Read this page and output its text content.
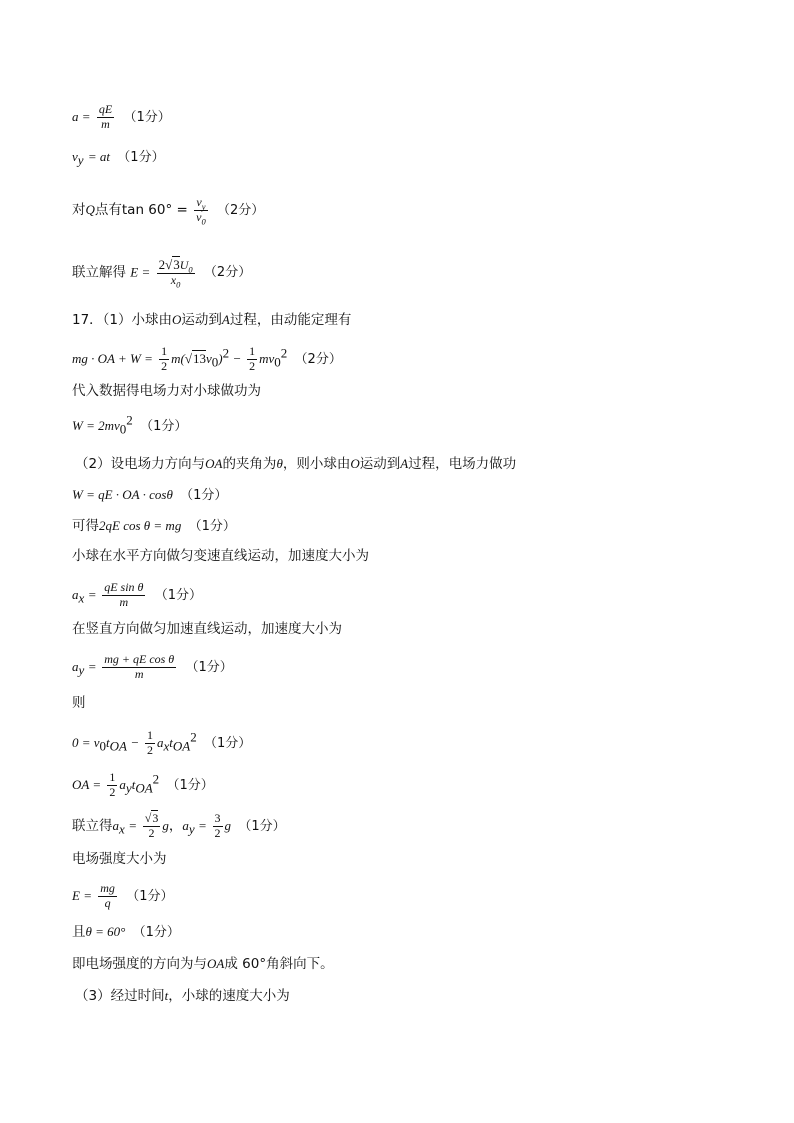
$a = \frac{qE}{m} (1$分）
$v_y$ = at （1分）
对Q点有$\tan 60^\circ = \frac{v_y}{v_0} (2$分）
联立解得 $E = \frac{2√3U_0}{x_0} (2$分）
17．（1）小球由O运动到A过程，由动能定理有
mg · OA + $W = \frac{1}{2} m(√13v_0)^2 - \frac{1}{2} mv_0^2$ （2分）
代入数据得电场力对小球做功为
$W = 2mv_0^2$ （1分）
（2）设电场力方向与OA的夹角为θ，则小球由O运动到A过程，电场力做功
W = qE · OA · cosθ （1分）
可得2qE cos θ = mg （1分）
小球在水平方向做匀变速直线运动，加速度大小为
$a_x = \frac{\text{qE sin θ}}{m} (1$分）
在竖直方向做匀加速直线运动，加速度大小为
$a_y = \frac{\text{mg + qE cos θ}}{m} (1$分）
则
$0 = v_0t_{OA} - \frac{1}{2} a_xt_{OA}^2$ （1分）
OA = $\frac{1}{2} a_yt_{OA}^2$ （1分）
联立得$a_x = \frac{√3}{2}$ g，$a_y = \frac{3}{2}$ g （1分）
电场强度大小为
$E = \frac{mg}{q} (1$分）
且θ = 60° （1分）
即电场强度的方向为与OA成 60°角斜向下。
（3）经过时间t，小球的速度大小为
